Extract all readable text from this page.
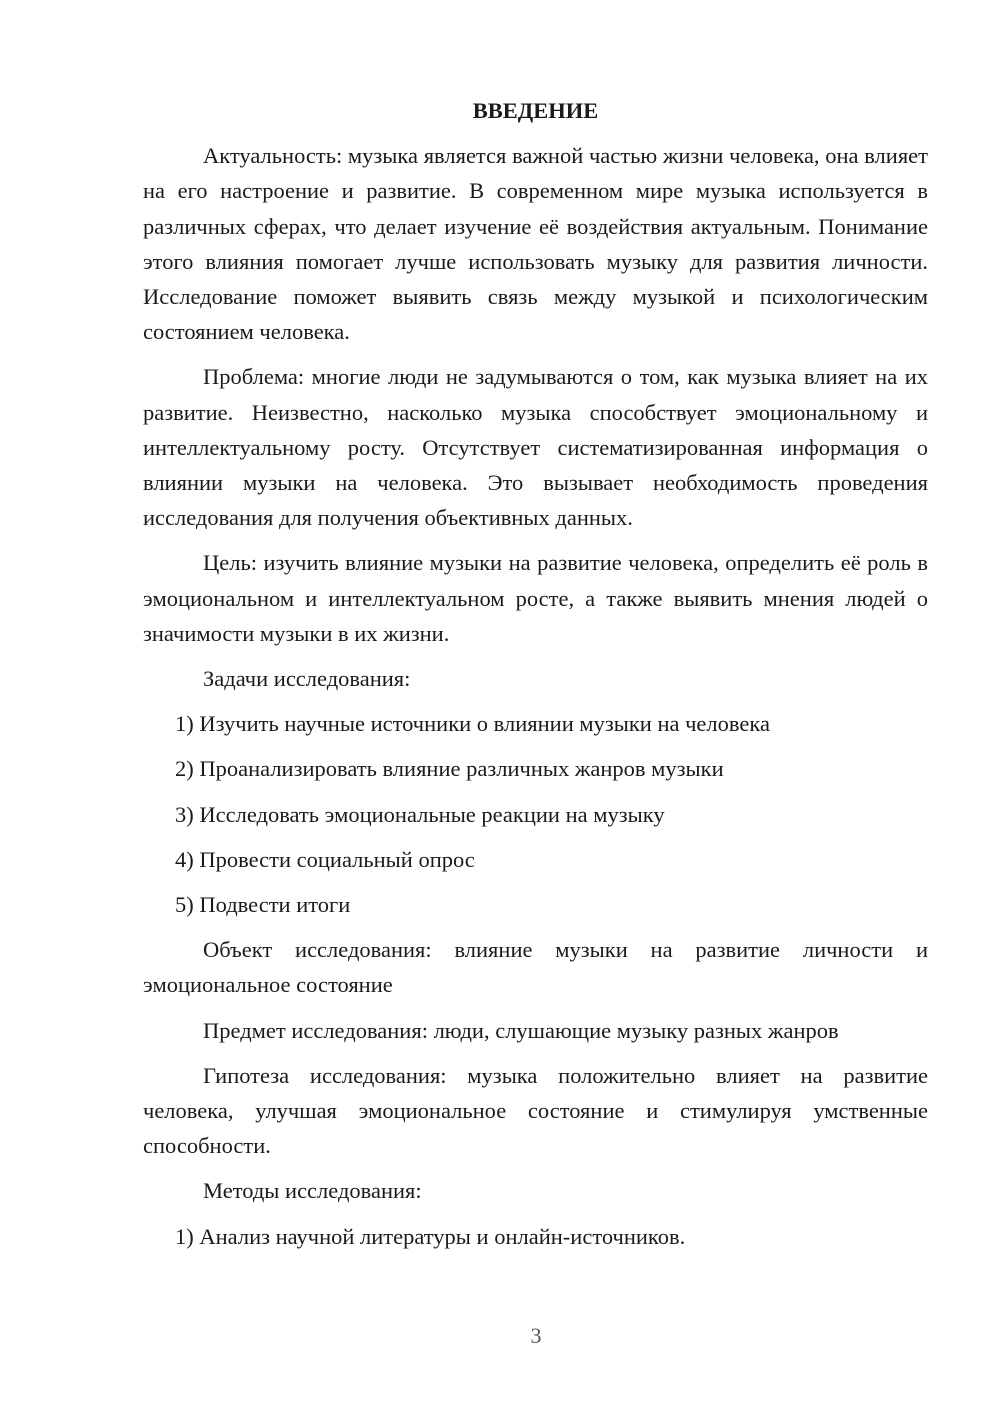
ВВЕДЕНИЕ

Актуальность: музыка является важной частью жизни человека, она влияет на его настроение и развитие. В современном мире музыка используется в различных сферах, что делает изучение её воздействия актуальным. Понимание этого влияния помогает лучше использовать музыку для развития личности. Исследование поможет выявить связь между музыкой и психологическим состоянием человека.

Проблема: многие люди не задумываются о том, как музыка влияет на их развитие. Неизвестно, насколько музыка способствует эмоциональному и интеллектуальному росту. Отсутствует систематизированная информация о влиянии музыки на человека. Это вызывает необходимость проведения исследования для получения объективных данных.

Цель: изучить влияние музыки на развитие человека, определить её роль в эмоциональном и интеллектуальном росте, а также выявить мнения людей о значимости музыки в их жизни.

Задачи исследования:

1) Изучить научные источники о влиянии музыки на человека
2) Проанализировать влияние различных жанров музыки
3) Исследовать эмоциональные реакции на музыку
4) Провести социальный опрос
5) Подвести итоги

Объект исследования: влияние музыки на развитие личности и эмоциональное состояние

Предмет исследования: люди, слушающие музыку разных жанров

Гипотеза исследования: музыка положительно влияет на развитие человека, улучшая эмоциональное состояние и стимулируя умственные способности.

Методы исследования:

1) Анализ научной литературы и онлайн-источников.
3
